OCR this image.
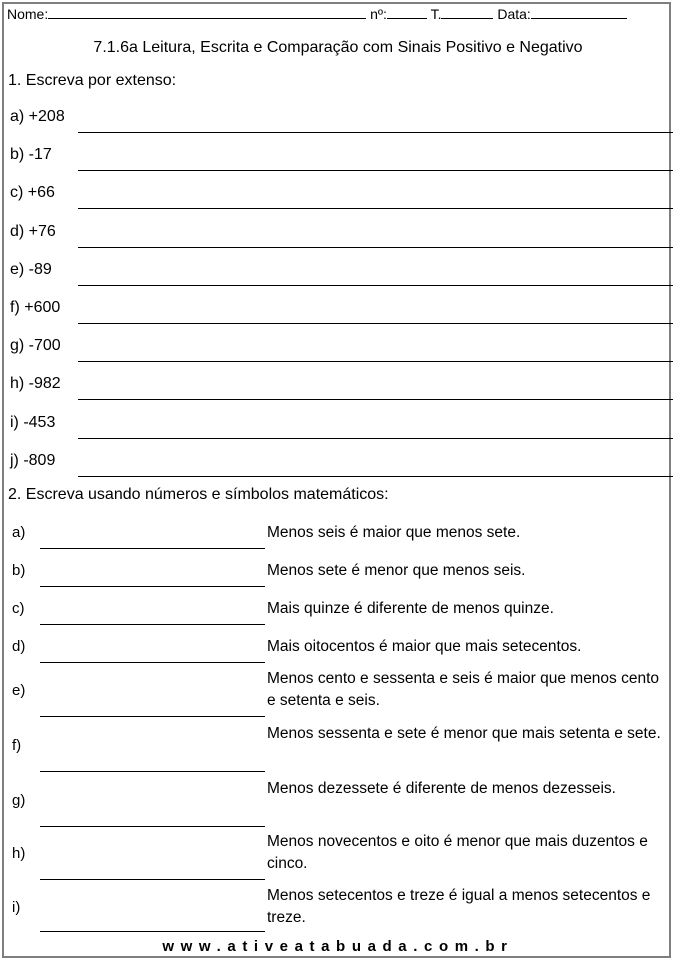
Nome:	nº:	T.	Data:
7.1.6a Leitura, Escrita e Comparação com Sinais Positivo e Negativo
1. Escreva por extenso:
a) +208
b) -17
c) +66
d) +76
e) -89
f) +600
g) -700
h) -982
i) -453
j) -809
2. Escreva usando números e símbolos matemáticos:
a)	Menos seis é maior que menos sete.
b)	Menos sete é menor que menos seis.
c)	Mais quinze é diferente de menos quinze.
d)	Mais oitocentos é maior que mais setecentos.
e)
Menos cento e sessenta e seis é maior que menos cento e setenta e seis.
f)
Menos sessenta e sete é menor que mais setenta e sete.
g)
Menos dezessete é diferente de menos dezesseis.
h)
Menos novecentos e oito é menor que mais duzentos e cinco.
i)
Menos setecentos e treze é igual a menos setecentos e treze.
www.ativeatabuada.com.br
